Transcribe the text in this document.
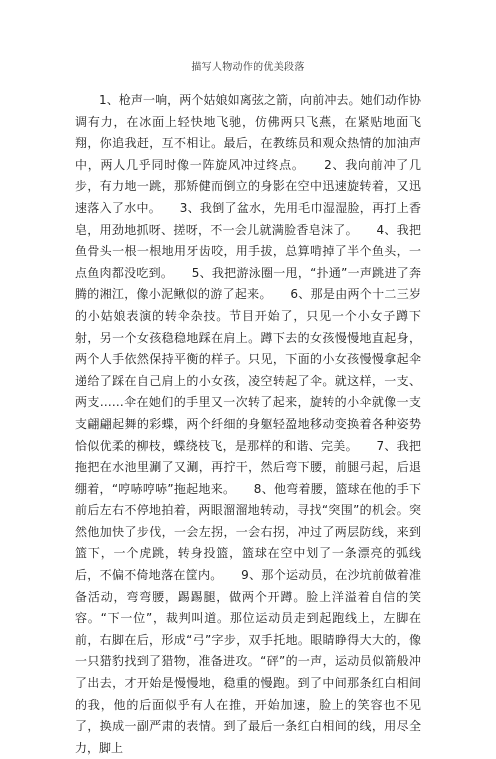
描写人物动作的优美段落

1、枪声一响，两个姑娘如离弦之箭，向前冲去。她们动作协调有力，在冰面上轻快地飞驰，仿佛两只飞燕，在紧贴地面飞翔，你追我赶，互不相让。最后，在教练员和观众热情的加油声中，两人几乎同时像一阵旋风冲过终点。　　2、我向前冲了几步，有力地一跳，那矫健而倒立的身影在空中迅速旋转着，又迅速落入了水中。　　3、我倒了盆水，先用毛巾湿湿脸，再打上香皂，用劲地抓呀、搓呀，不一会儿就满脸香皂沫了。　　4、我把鱼骨头一根一根地用牙齿咬，用手拔，总算啃掉了半个鱼头，一点鱼肉都没吃到。　　5、我把游泳圈一甩，“扑通”一声跳进了奔腾的湘江，像小泥鳅似的游了起来。　　6、那是由两个十二三岁的小姑娘表演的转伞杂技。节目开始了，只见一个小女子蹲下射，另一个女孩稳稳地踩在肩上。蹲下去的女孩慢慢地直起身，两个人手依然保持平衡的样子。只见，下面的小女孩慢慢拿起伞递给了踩在自己肩上的小女孩，凌空转起了伞。就这样，一支、两支……伞在她们的手里又一次转了起来，旋转的小伞就像一支支翩翩起舞的彩蝶，两个纤细的身躯轻盈地移动变换着各种姿势恰似优柔的柳枝，蝶绕枝飞，是那样的和谐、完美。　　7、我把拖把在水池里涮了又涮，再拧干，然后弯下腰，前腿弓起，后退绷着，“哼哧哼哧”拖起地来。　　8、他弯着腰，篮球在他的手下前后左右不停地拍着，两眼溜溜地转动，寻找“突围”的机会。突然他加快了步伐，一会左拐，一会右拐，冲过了两层防线，来到篮下，一个虎跳，转身投篮，篮球在空中划了一条漂亮的弧线后，不偏不倚地落在筐内。　　9、那个运动员，在沙坑前做着准备活动，弯弯腰，踢踢腿，做两个开蹲。脸上洋溢着自信的笑容。“下一位”，裁判叫道。那位运动员走到起跑线上，左脚在前，右脚在后，形成“弓”字步，双手托地。眼睛睁得大大的，像一只猎豹找到了猎物，准备进攻。“砰”的一声，运动员似箭般冲了出去，才开始是慢慢地，稳重的慢跑。到了中间那条红白相间的我，他的后面似乎有人在推，开始加速，脸上的笑容也不见了，换成一副严肃的表情。到了最后一条红白相间的线，用尽全力，脚上
